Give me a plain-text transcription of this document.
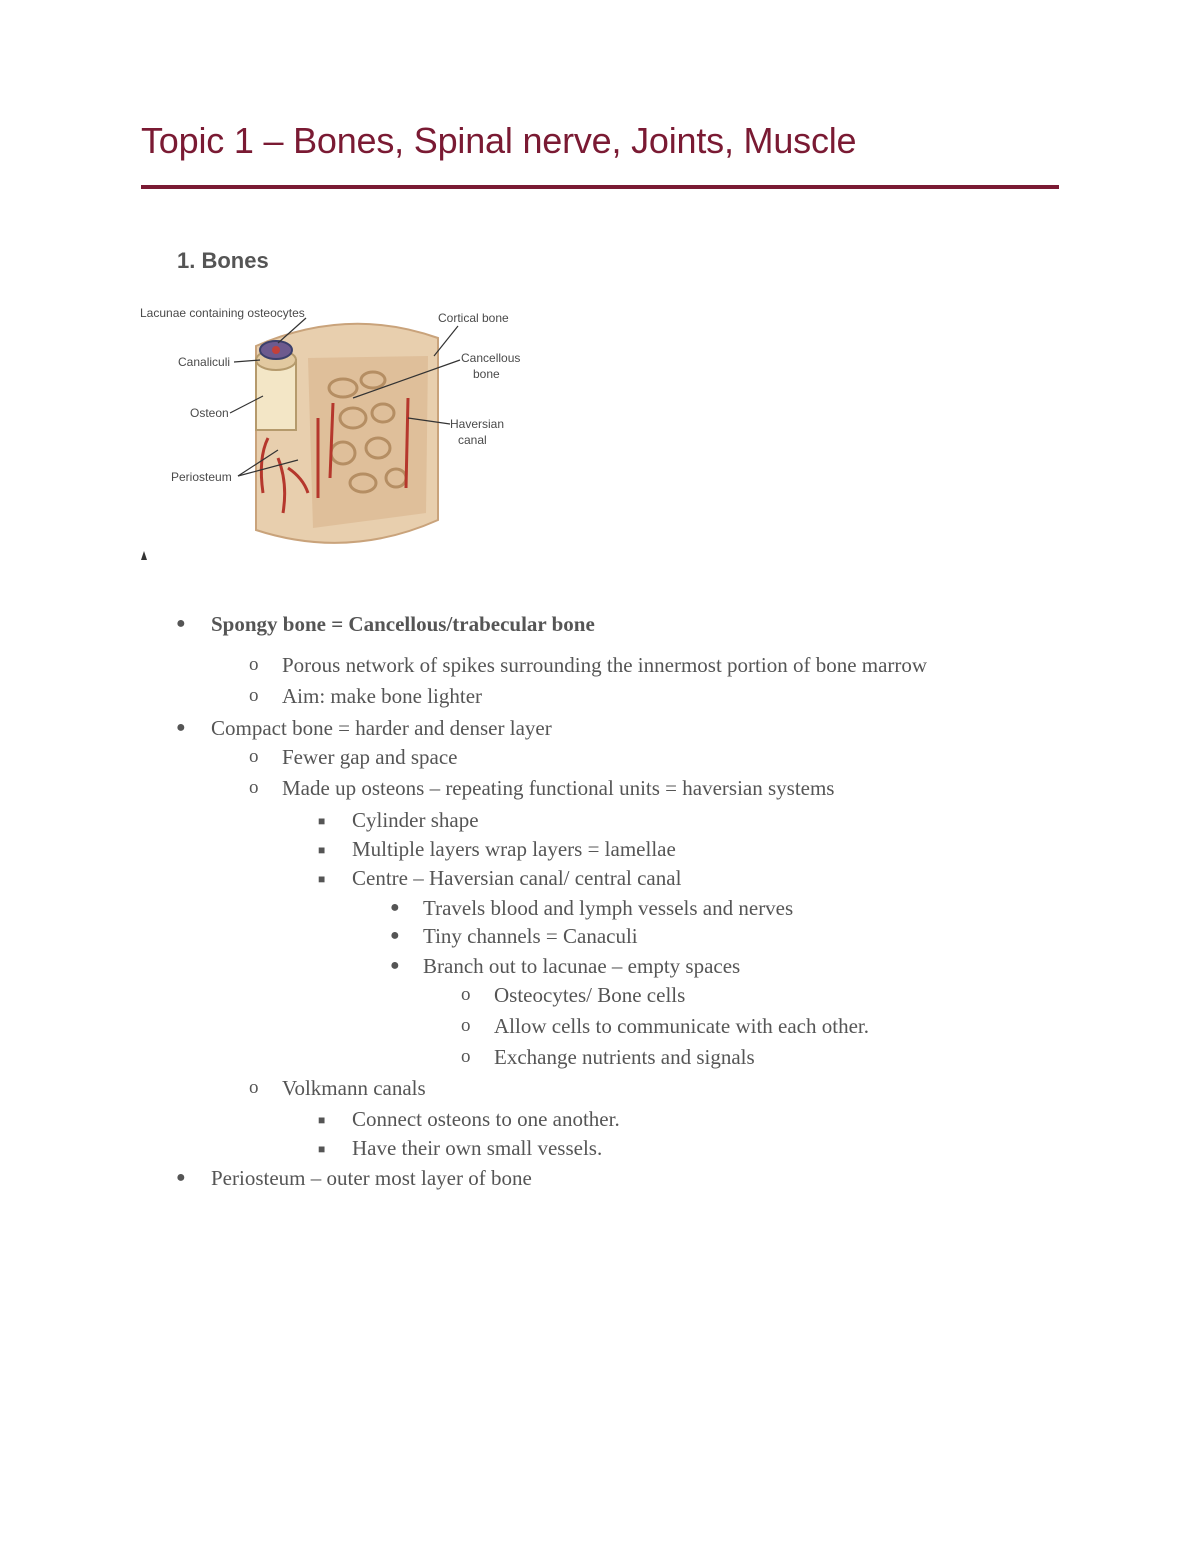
Topic 1 – Bones, Spinal nerve, Joints, Muscle
1. Bones
Lacunae containing osteocytes
Canaliculi
Osteon
Periosteum
Cortical bone
Cancellous
bone
Haversian
canal
● Spongy bone = Cancellous/trabecular bone
o Porous network of spikes surrounding the innermost portion of bone marrow
o Aim: make bone lighter
● Compact bone = harder and denser layer
o Fewer gap and space
o Made up osteons – repeating functional units = haversian systems
■ Cylinder shape
■ Multiple layers wrap layers = lamellae
■ Centre – Haversian canal/ central canal
● Travels blood and lymph vessels and nerves
● Tiny channels = Canaculi
● Branch out to lacunae – empty spaces
o Osteocytes/ Bone cells
o Allow cells to communicate with each other.
o Exchange nutrients and signals
o Volkmann canals
■ Connect osteons to one another.
■ Have their own small vessels.
● Periosteum – outer most layer of bone
